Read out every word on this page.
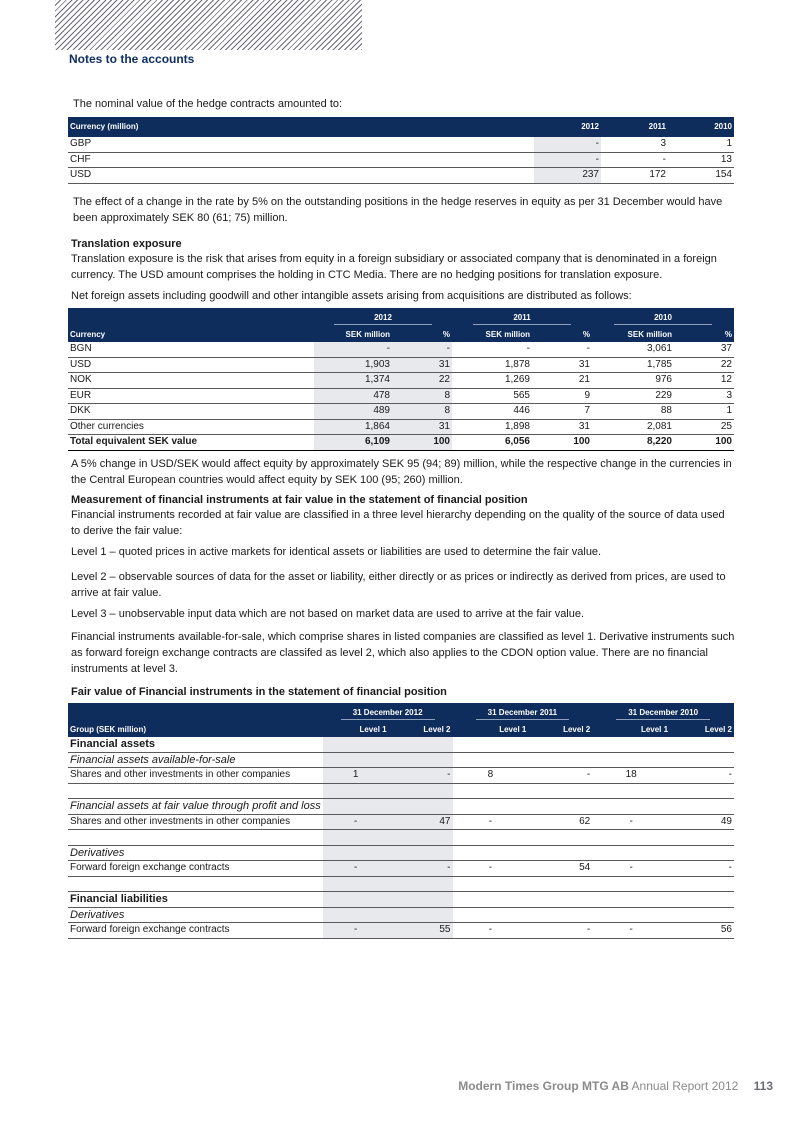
Notes to the accounts

The nominal value of the hedge contracts amounted to:

Currency (million)	2012	2011	2010
GBP	-	3	1
CHF	-	-	13
USD	237	172	154

The effect of a change in the rate by 5% on the outstanding positions in the hedge reserves in equity as per 31 December would have been approximately SEK 80 (61; 75) million.

Translation exposure

Translation exposure is the risk that arises from equity in a foreign subsidiary or associated company that is denominated in a foreign currency. The USD amount comprises the holding in CTC Media. There are no hedging positions for translation exposure.

Net foreign assets including goodwill and other intangible assets arising from acquisitions are distributed as follows:

	2012		2011		2010	
Currency	SEK million	%	SEK million	%	SEK million	%
BGN	-	-	-	-	3,061	37
USD	1,903	31	1,878	31	1,785	22
NOK	1,374	22	1,269	21	976	12
EUR	478	8	565	9	229	3
DKK	489	8	446	7	88	1
Other currencies	1,864	31	1,898	31	2,081	25
Total equivalent SEK value	6,109	100	6,056	100	8,220	100

A 5% change in USD/SEK would affect equity by approximately SEK 95 (94; 89) million, while the respective change in the currencies in the Central European countries would affect equity by SEK 100 (95; 260) million.

Measurement of financial instruments at fair value in the statement of financial position

Financial instruments recorded at fair value are classified in a three level hierarchy depending on the quality of the source of data used to derive the fair value:

Level 1 – quoted prices in active markets for identical assets or liabilities are used to determine the fair value.

Level 2 – observable sources of data for the asset or liability, either directly or as prices or indirectly as derived from prices, are used to arrive at fair value.

Level 3 – unobservable input data which are not based on market data are used to arrive at the fair value.

Financial instruments available-for-sale, which comprise shares in listed companies are classified as level 1. Derivative instruments such as forward foreign exchange contracts are classifed as level 2, which also applies to the CDON option value. There are no financial instruments at level 3.

Fair value of Financial instruments in the statement of financial position

	31 December 2012		31 December 2011		31 December 2010	
Group (SEK million)	Level 1	Level 2	Level 1	Level 2	Level 1	Level 2
Financial assets						
Financial assets available-for-sale						
Shares and other investments in other companies	1	-	8	-	18	-

Financial assets at fair value through profit and loss						
Shares and other investments in other companies	-	47	-	62	-	49

Derivatives						
Forward foreign exchange contracts	-	-	-	54	-	-

Financial liabilities						
Derivatives						
Forward foreign exchange contracts	-	55	-	-	-	56
Modern Times Group MTG AB Annual Report 2012 113
